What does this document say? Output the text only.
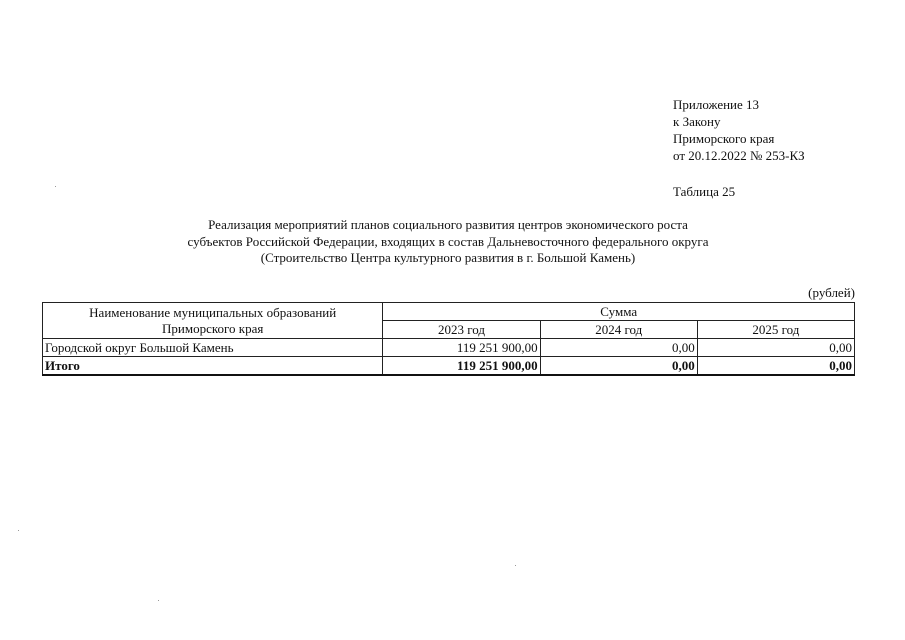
Приложение 13
к Закону
Приморского края
от 20.12.2022 № 253-КЗ
Таблица 25
Реализация мероприятий планов социального развития центров экономического роста
субъектов Российской Федерации, входящих в состав Дальневосточного федерального округа
(Строительство Центра культурного развития в г. Большой Камень)
(рублей)
Наименование муниципальных образований
Приморского края	Сумма		
	2023 год	2024 год	2025 год
Городской округ Большой Камень	119 251 900,00	0,00	0,00
Итого	119 251 900,00	0,00	0,00
